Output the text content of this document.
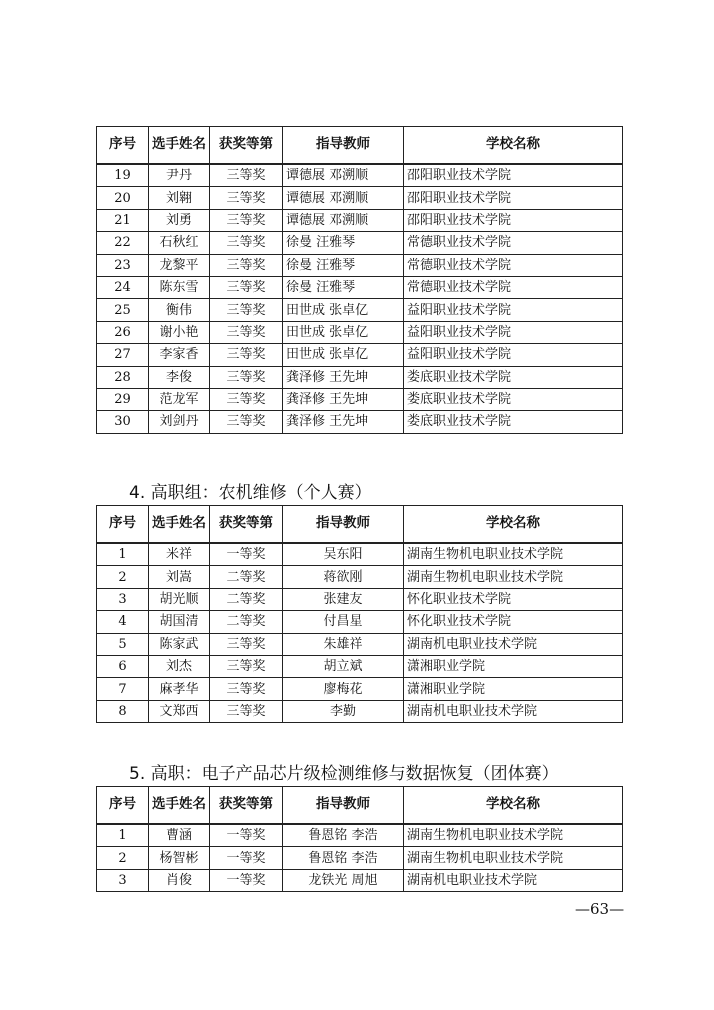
序号	选手姓名	获奖等第	指导教师	学校名称
19	尹丹	三等奖	谭德展 邓溯顺	邵阳职业技术学院
20	刘翱	三等奖	谭德展 邓溯顺	邵阳职业技术学院
21	刘勇	三等奖	谭德展 邓溯顺	邵阳职业技术学院
22	石秋红	三等奖	徐曼 汪雅琴	常德职业技术学院
23	龙黎平	三等奖	徐曼 汪雅琴	常德职业技术学院
24	陈东雪	三等奖	徐曼 汪雅琴	常德职业技术学院
25	衡伟	三等奖	田世成 张卓亿	益阳职业技术学院
26	谢小艳	三等奖	田世成 张卓亿	益阳职业技术学院
27	李家香	三等奖	田世成 张卓亿	益阳职业技术学院
28	李俊	三等奖	龚泽修 王先坤	娄底职业技术学院
29	范龙军	三等奖	龚泽修 王先坤	娄底职业技术学院
30	刘剑丹	三等奖	龚泽修 王先坤	娄底职业技术学院
4. 高职组：农机维修（个人赛）
序号	选手姓名	获奖等第	指导教师	学校名称
1	米祥	一等奖	吴东阳	湖南生物机电职业技术学院
2	刘嵩	二等奖	蒋欲刚	湖南生物机电职业技术学院
3	胡光顺	二等奖	张建友	怀化职业技术学院
4	胡国清	二等奖	付昌星	怀化职业技术学院
5	陈家武	三等奖	朱雄祥	湖南机电职业技术学院
6	刘杰	三等奖	胡立斌	潇湘职业学院
7	麻孝华	三等奖	廖梅花	潇湘职业学院
8	文郑西	三等奖	李勤	湖南机电职业技术学院
5. 高职：电子产品芯片级检测维修与数据恢复（团体赛）
序号	选手姓名	获奖等第	指导教师	学校名称
1	曹涵	一等奖	鲁恩铭 李浩	湖南生物机电职业技术学院
2	杨智彬	一等奖	鲁恩铭 李浩	湖南生物机电职业技术学院
3	肖俊	一等奖	龙铁光 周旭	湖南机电职业技术学院
—63—
